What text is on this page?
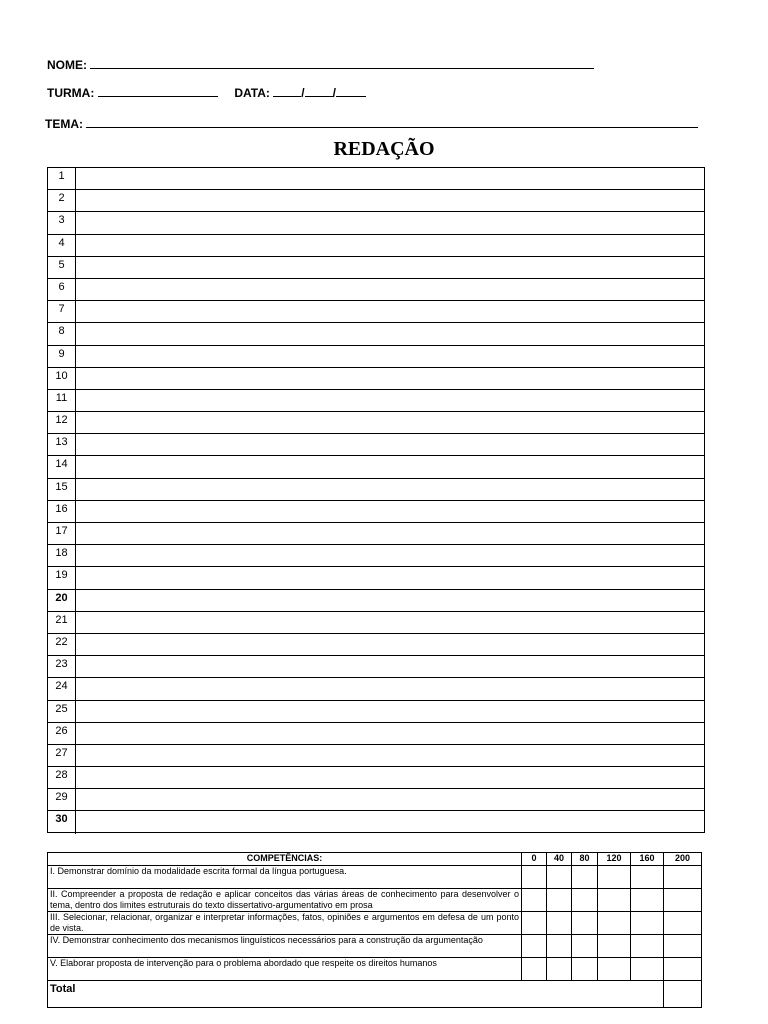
NOME:
TURMA:	DATA:	/ /
TEMA:
REDAÇÃO
1
2
3
4
5
6
7
8
9
10
11
12
13
14
15
16
17
18
19
20
21
22
23
24
25
26
27
28
29
30
COMPETÊNCIAS:	0	40	80	120	160	200
I. Demonstrar domínio da modalidade escrita formal da língua portuguesa.						
II. Compreender a proposta de redação e aplicar conceitos das várias áreas de conhecimento para desenvolver o tema, dentro dos limites estruturais do texto dissertativo-argumentativo em prosa						
III. Selecionar, relacionar, organizar e interpretar informações, fatos, opiniões e argumentos em defesa de um ponto de vista.						
IV. Demonstrar conhecimento dos mecanismos linguísticos necessários para a construção da argumentação						
V. Elaborar proposta de intervenção para o problema abordado que respeite os direitos humanos						
Total						
